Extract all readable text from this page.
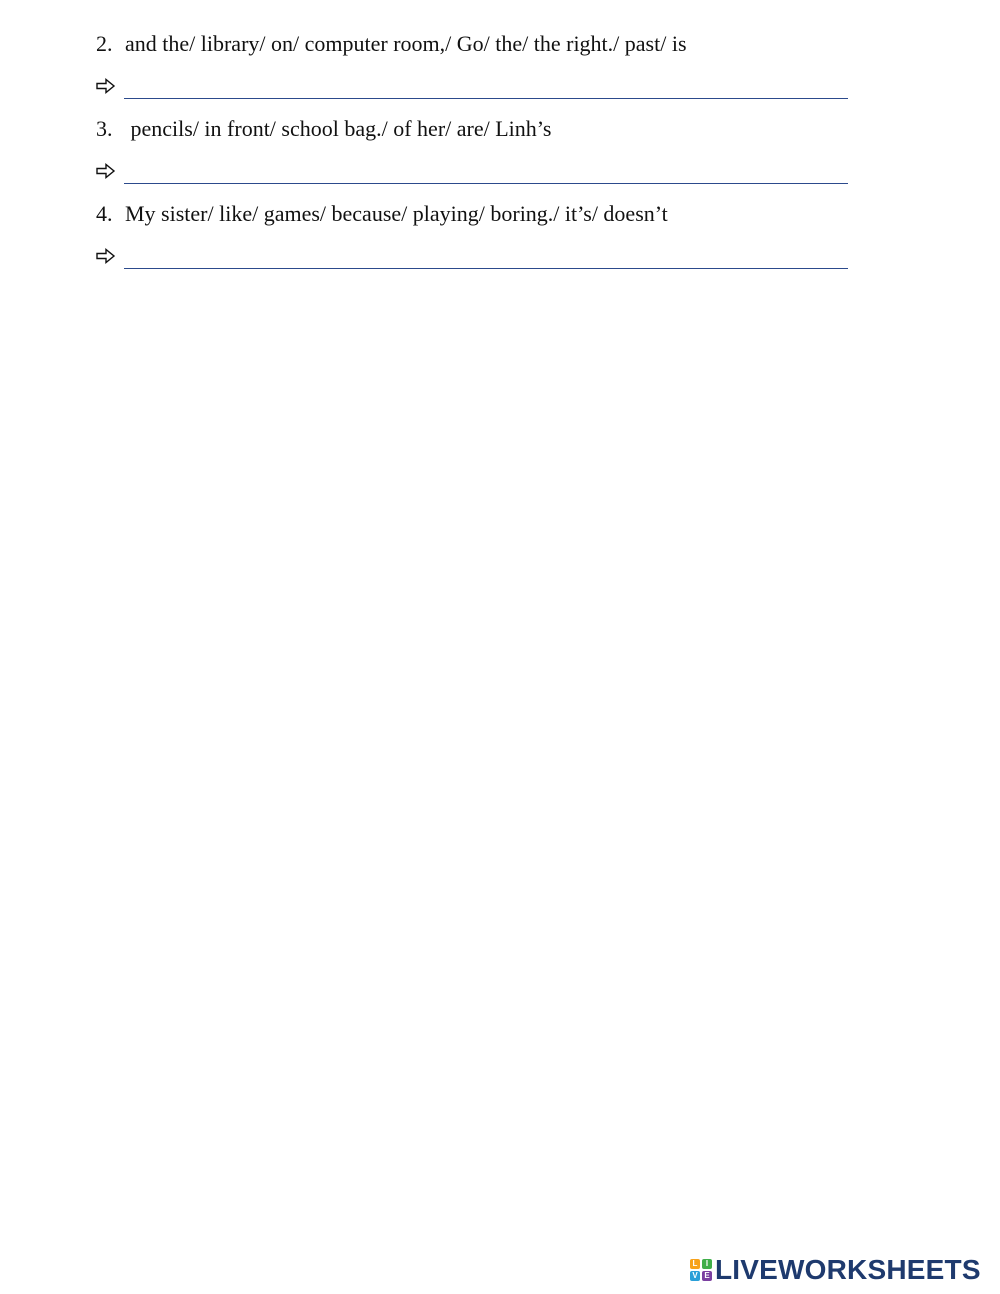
2. and the/ library/ on/ computer room,/ Go/ the/ the right./ past/ is
3. pencils/ in front/ school bag./ of her/ are/ Linh’s
4. My sister/ like/ games/ because/ playing/ boring./ it’s/ doesn’t
L	I
V E LIVEWORKSHEETS
